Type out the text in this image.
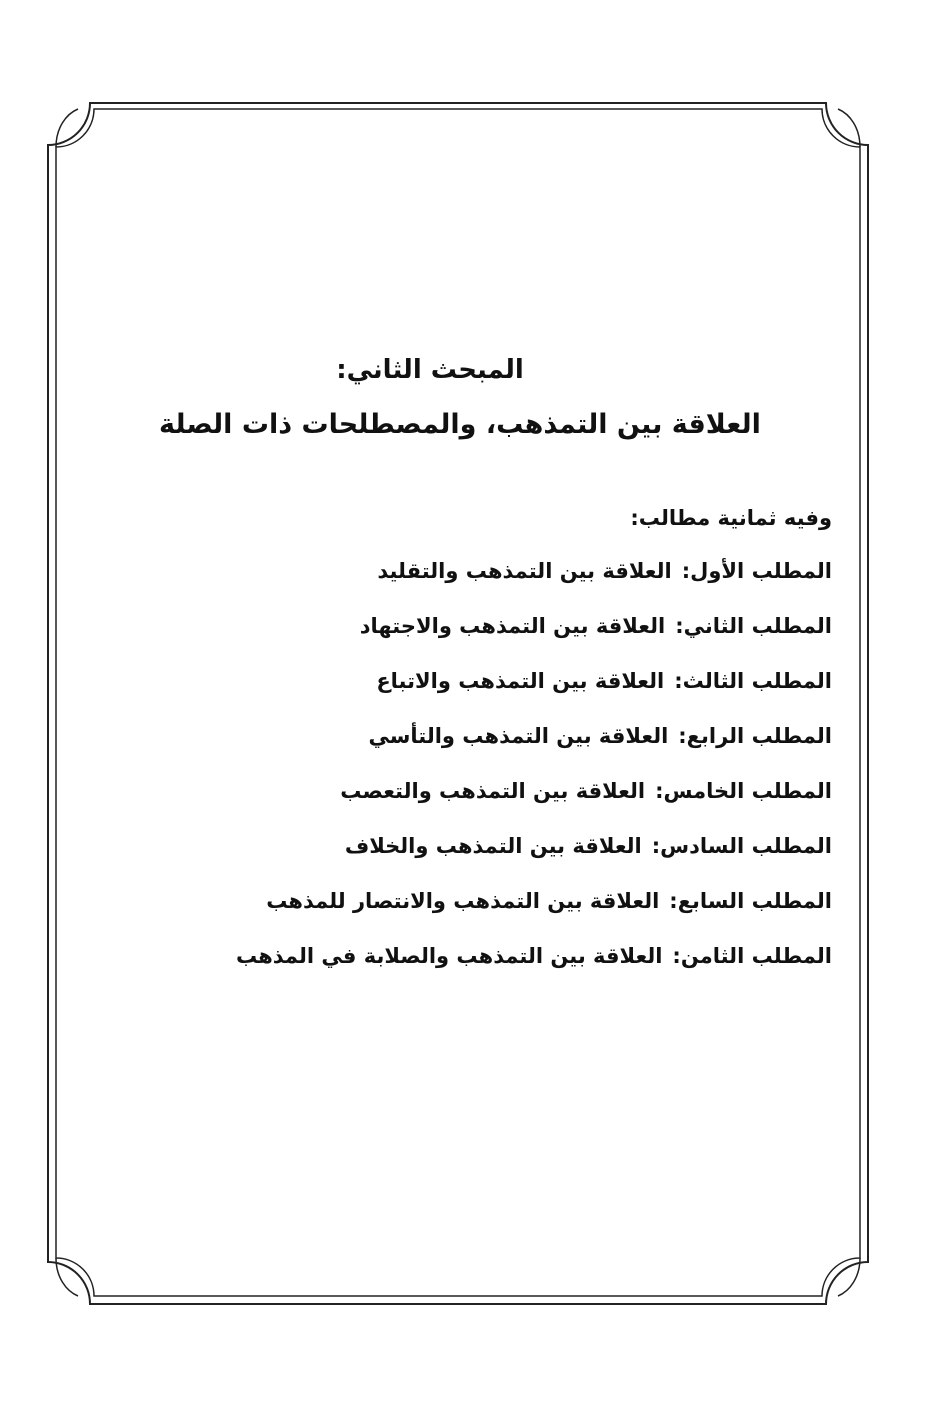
المبحث الثاني:
العلاقة بين التمذهب، والمصطلحات ذات الصلة
وفيه ثمانية مطالب:
المطلب الأول:العلاقة بين التمذهب والتقليد
المطلب الثاني:العلاقة بين التمذهب والاجتهاد
المطلب الثالث:العلاقة بين التمذهب والاتباع
المطلب الرابع:العلاقة بين التمذهب والتأسي
المطلب الخامس:العلاقة بين التمذهب والتعصب
المطلب السادس:العلاقة بين التمذهب والخلاف
المطلب السابع:العلاقة بين التمذهب والانتصار للمذهب
المطلب الثامن:العلاقة بين التمذهب والصلابة في المذهب
